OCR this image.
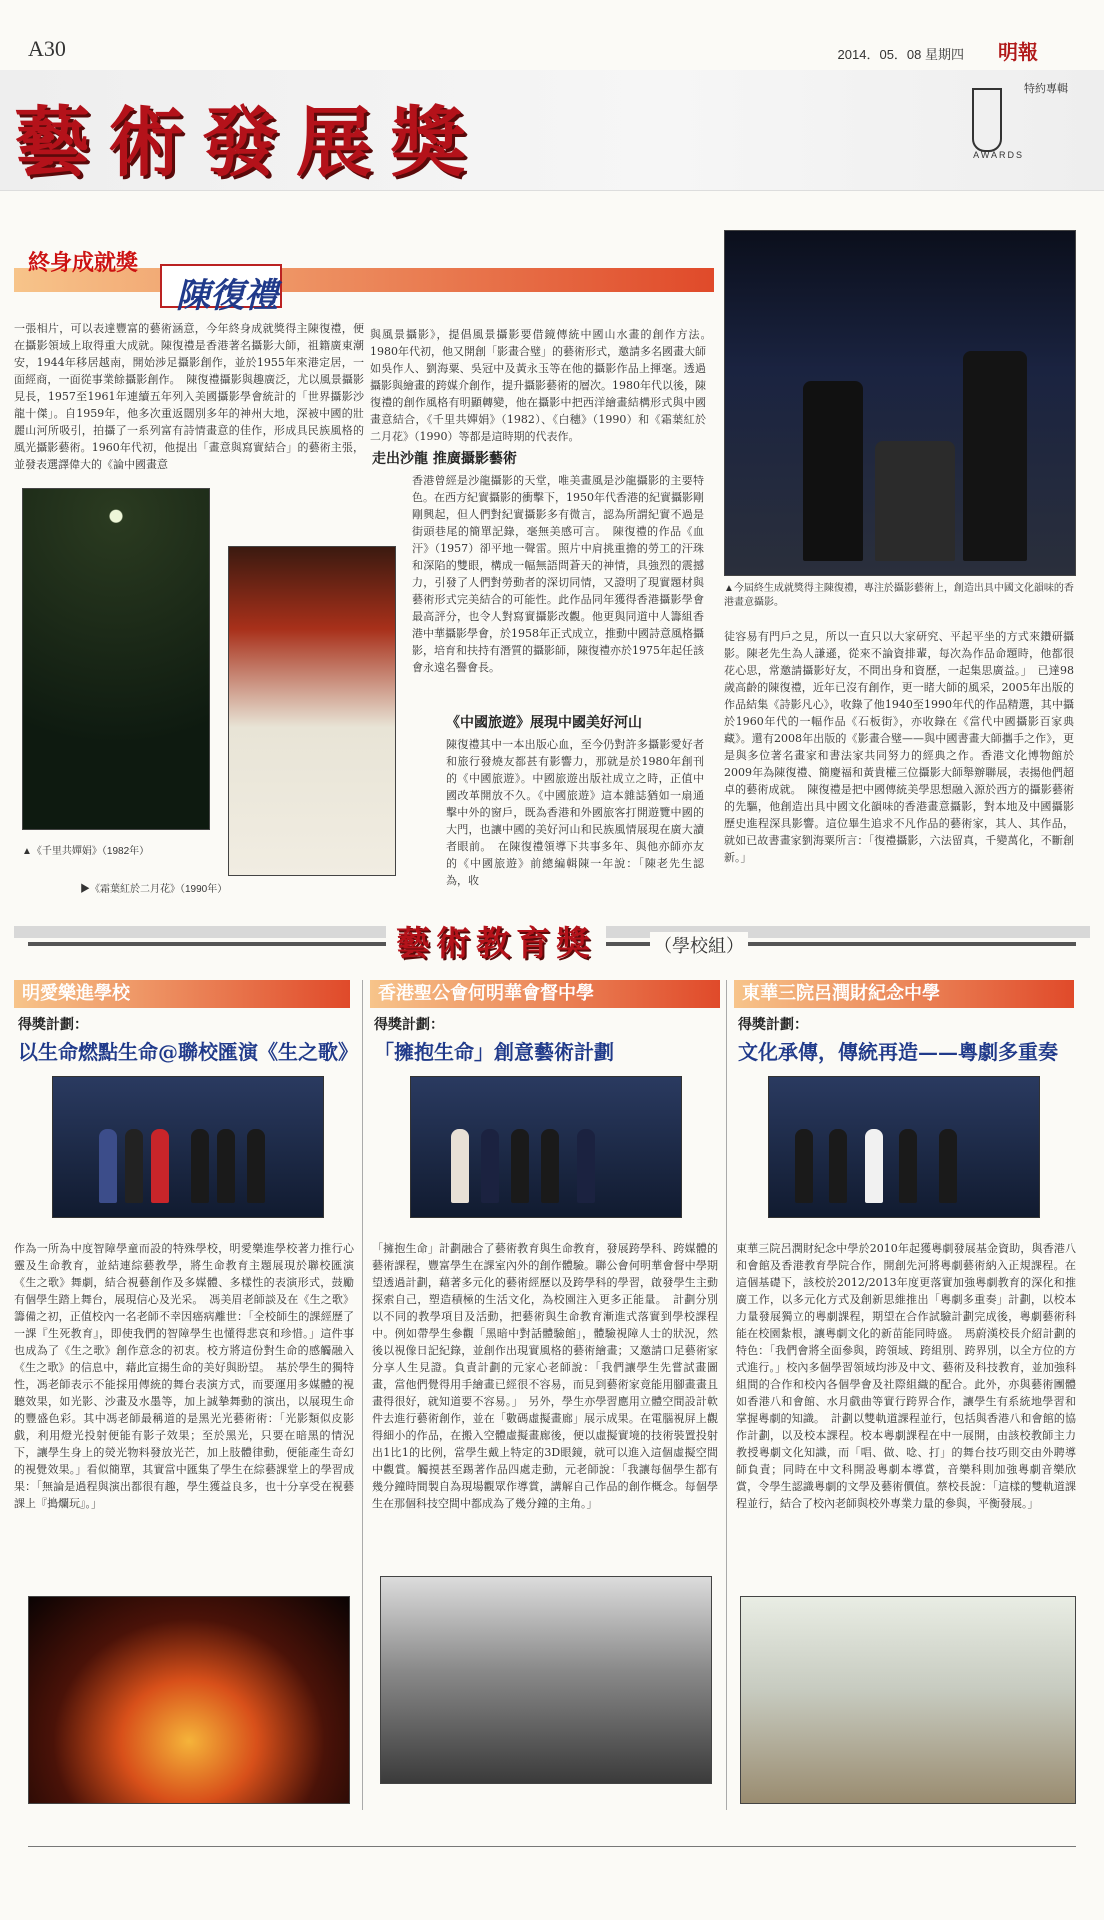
A30	2014．05．08 星期四 明報
特約專輯
藝術發展獎	AWARDS
終身成就獎
陳復禮
一張相片，可以表達豐富的藝術涵意，今年終身成就獎得主陳復禮，便在攝影領域上取得重大成就。陳復禮是香港著名攝影大師，祖籍廣東潮安，1944年移居越南，開始涉足攝影創作，並於1955年來港定居，一面經商，一面從事業餘攝影創作。　陳復禮攝影與趣廣泛，尤以風景攝影見長，1957至1961年連續五年列入美國攝影學會統計的「世界攝影沙龍十傑」。自1959年，他多次重返闊別多年的神州大地，深被中國的壯麗山河所吸引，拍攝了一系列富有詩情畫意的佳作，形成具民族風格的風光攝影藝術。1960年代初，他提出「畫意與寫實結合」的藝術主張，並發表選譯偉大的《論中國畫意
▲《千里共嬋娟》（1982年）
▶《霜葉紅於二月花》（1990年）
與風景攝影》，提倡風景攝影要借鏡傳統中國山水畫的創作方法。　1980年代初，他又開創「影畫合璧」的藝術形式，邀請多名國畫大師如吳作人、劉海粟、吳冠中及黃永玉等在他的攝影作品上揮毫。透過攝影與繪畫的跨媒介創作，提升攝影藝術的層次。1980年代以後，陳復禮的創作風格有明顯轉變，他在攝影中把西洋繪畫結構形式與中國畫意結合，《千里共嬋娟》（1982）、《白穗》（1990）和《霜葉紅於二月花》（1990）等都是這時期的代表作。
走出沙龍 推廣攝影藝術
香港曾經是沙龍攝影的天堂，唯美畫風是沙龍攝影的主要特色。在西方紀實攝影的衝擊下，1950年代香港的紀實攝影剛剛興起，但人們對紀實攝影多有微言，認為所謂紀實不過是街頭巷尾的簡單記錄，毫無美感可言。　陳復禮的作品《血汗》（1957）卻平地一聲雷。照片中肩挑重擔的勞工的汗珠和深陷的雙眼，構成一幅無語問蒼天的神情，具強烈的震撼力，引發了人們對勞動者的深切同情，又證明了現實題材與藝術形式完美結合的可能性。此作品同年獲得香港攝影學會最高評分，也令人對寫實攝影改觀。他更與同道中人籌組香港中華攝影學會，於1958年正式成立，推動中國詩意風格攝影，培育和扶持有潛質的攝影師，陳復禮亦於1975年起任該會永遠名譽會長。
《中國旅遊》展現中國美好河山
陳復禮其中一本出版心血，至今仍對許多攝影愛好者和旅行發燒友都甚有影響力，那就是於1980年創刊的《中國旅遊》。中國旅遊出版社成立之時，正值中國改革開放不久。《中國旅遊》這本雜誌猶如一扇通擊中外的窗戶，既為香港和外國旅客打開遊覽中國的大門，也讓中國的美好河山和民族風情展現在廣大讀者眼前。　在陳復禮領導下共事多年、與他亦師亦友的《中國旅遊》前總編輯陳一年說：「陳老先生認為，收
▲今屆終生成就獎得主陳復禮，專注於攝影藝術上，創造出具中國文化韻味的香港畫意攝影。
徒容易有門戶之見，所以一直只以大家研究、平起平坐的方式來鑽研攝影。陳老先生為人謙遜，從來不論資排輩，每次為作品命題時，他都很花心思，常邀請攝影好友，不問出身和資歷，一起集思廣益。」　已達98歲高齡的陳復禮，近年已沒有創作，更一睹大師的風采，2005年出版的作品結集《詩影凡心》，收錄了他1940至1990年代的作品精選，其中攝於1960年代的一幅作品《石板街》，亦收錄在《當代中國攝影百家典藏》。還有2008年出版的《影畫合璧——與中國書畫大師攜手之作》，更是與多位著名畫家和書法家共同努力的經典之作。香港文化博物館於2009年為陳復禮、簡慶福和黃貴權三位攝影大師舉辦聯展，表揚他們超卓的藝術成就。　陳復禮是把中國傳統美學思想融入源於西方的攝影藝術的先驅，他創造出具中國文化韻味的香港畫意攝影，對本地及中國攝影歷史進程深具影響。這位畢生追求不凡作品的藝術家，其人、其作品，就如已故書畫家劉海粟所言：「復禮攝影，六法留真，千變萬化，不斷創新。」
藝術教育獎	（學校組）
明愛樂進學校
得獎計劃：
以生命燃點生命@聯校匯演《生之歌》
作為一所為中度智障學童而設的特殊學校，明愛樂進學校著力推行心靈及生命教育，並結連綜藝教學，將生命教育主題展現於聯校匯演《生之歌》舞劇，結合視藝創作及多媒體、多樣性的表演形式，鼓勵有個學生踏上舞台，展現信心及光采。　馮美眉老師談及在《生之歌》籌備之初，正值校內一名老師不幸因癌病離世：「全校師生的課經歷了一課『生死教育』，即使我們的智障學生也懂得悲哀和珍惜。」這件事也成為了《生之歌》創作意念的初衷。校方將這份對生命的感觸融入《生之歌》的信息中，藉此宣揚生命的美好與盼望。　基於學生的獨特性，馮老師表示不能採用傳統的舞台表演方式，而要運用多媒體的視聽效果，如光影、沙畫及水墨等，加上誠摯舞動的演出，以展現生命的豐盛色彩。其中馮老師最稱道的是黑光光藝術術：「光影類似皮影戲，利用燈光投射便能有影子效果；至於黑光，只要在暗黑的情況下，讓學生身上的熒光物料發放光芒，加上肢體律動，便能產生奇幻的視覺效果。」看似簡單，其實當中匯集了學生在綜藝課堂上的學習成果：「無論是過程與演出都很有趣，學生獲益良多，也十分享受在視藝課上『搗爛玩』。」
香港聖公會何明華會督中學
得獎計劃：
「擁抱生命」創意藝術計劃
「擁抱生命」計劃融合了藝術教育與生命教育，發展跨學科、跨媒體的藝術課程，豐富學生在課室內外的創作體驗。聯公會何明華會督中學期望透過計劃，藉著多元化的藝術經歷以及跨學科的學習，啟發學生主動探索自己，塑造積極的生活文化，為校園注入更多正能量。　計劃分別以不同的教學項目及活動，把藝術與生命教育漸進式落實到學校課程中。例如帶學生參觀「黑暗中對話體驗館」，體驗視障人士的狀況，然後以視像日記紀錄，並創作出現實風格的藝術繪畫；又邀請口足藝術家分享人生見證。負責計劃的元家心老師說：「我們讓學生先嘗試畫圖畫，當他們覺得用手繪畫已經很不容易，而見到藝術家竟能用腳畫畫且畫得很好，就知道要不容易。」　另外，學生亦學習應用立體空間設計軟件去進行藝術創作，並在「數碼虛擬畫廊」展示成果。在電腦視屏上觀得細小的作品，在搬入空體虛擬畫廊後，便以虛擬實境的技術裝置投射出1比1的比例，當學生戴上特定的3D眼鏡，就可以進入這個虛擬空間中觀賞。觸摸甚至踢著作品四處走動，元老師說：「我讓每個學生都有幾分鐘時間製自為現場觀眾作導賞，講解自己作品的創作概念。每個學生在那個科技空間中都成為了幾分鐘的主角。」
東華三院呂潤財紀念中學
得獎計劃：
文化承傳，傳統再造——粵劇多重奏
東華三院呂潤財紀念中學於2010年起獲粵劇發展基金資助，與香港八和會館及香港教育學院合作，開創先河將粵劇藝術納入正規課程。在這個基礎下，該校於2012/2013年度更落實加強粵劇教育的深化和推廣工作，以多元化方式及創新思維推出「粵劇多重奏」計劃，以校本力量發展獨立的粵劇課程，期望在合作試驗計劃完成後，粵劇藝術科能在校園紮根，讓粵劇文化的新苗能同時盛。　馬蔚漢校長介紹計劃的特色：「我們會將全面參與，跨領域、跨組別、跨界別，以全方位的方式進行。」校內多個學習領域均涉及中文、藝術及科技教育，並加強科組間的合作和校內各個學會及社際組織的配合。此外，亦與藝術團體如香港八和會館、水月戲曲等實行跨界合作，讓學生有系統地學習和掌握粵劇的知識。　計劃以雙軌道課程並行，包括與香港八和會館的協作計劃，以及校本課程。校本粵劇課程在中一展開，由該校教師主力教授粵劇文化知識，而「唱、做、唸、打」的舞台技巧則交由外聘導師負責；同時在中文科開設粵劇本導賞，音樂科則加強粵劇音樂欣賞，令學生認識粵劇的文學及藝術價值。蔡校長說：「這樣的雙軌道課程並行，結合了校內老師與校外專業力量的參與，平衡發展。」
